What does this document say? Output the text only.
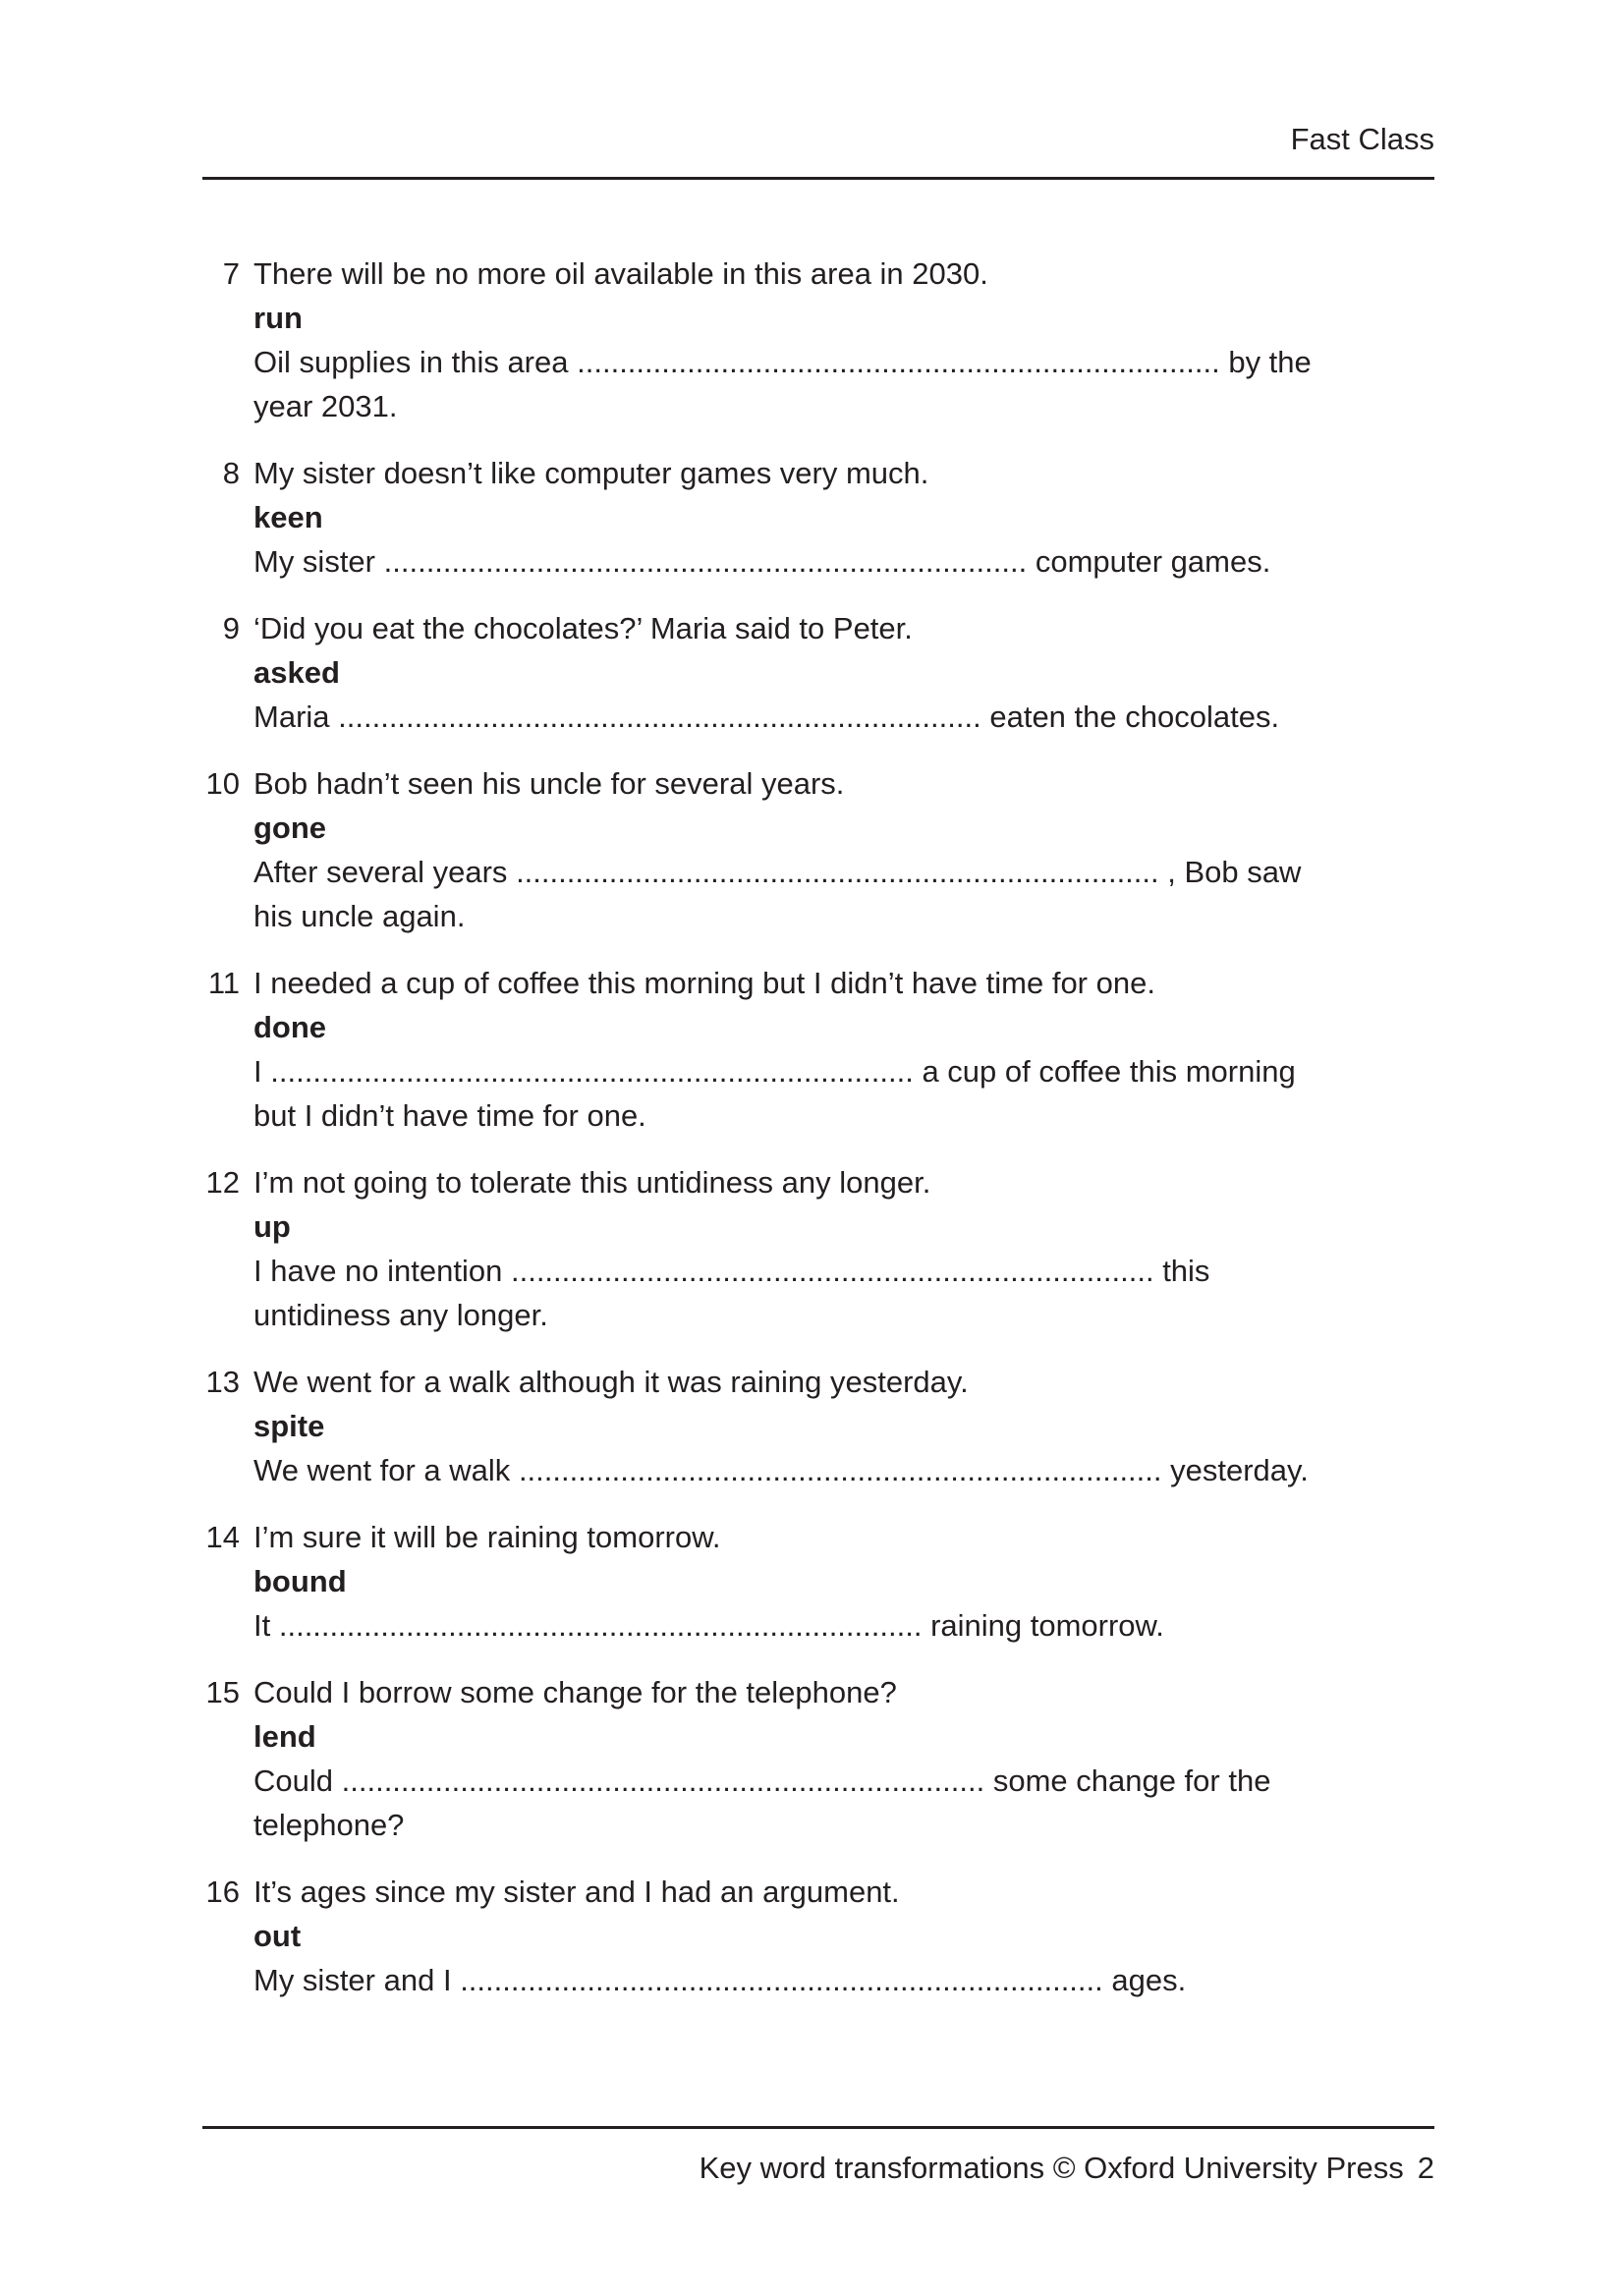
Fast Class
7 There will be no more oil available in this area in 2030.
run
Oil supplies in this area ............................................................................ by the year 2031.
8 My sister doesn’t like computer games very much.
keen
My sister ............................................................................ computer games.
9 ‘Did you eat the chocolates?’ Maria said to Peter.
asked
Maria ............................................................................ eaten the chocolates.
10 Bob hadn’t seen his uncle for several years.
gone
After several years ............................................................................ , Bob saw his uncle again.
11 I needed a cup of coffee this morning but I didn’t have time for one.
done
I ............................................................................ a cup of coffee this morning but I didn’t have time for one.
12 I’m not going to tolerate this untidiness any longer.
up
I have no intention ............................................................................ this untidiness any longer.
13 We went for a walk although it was raining yesterday.
spite
We went for a walk ............................................................................ yesterday.
14 I’m sure it will be raining tomorrow.
bound
It ............................................................................ raining tomorrow.
15 Could I borrow some change for the telephone?
lend
Could ............................................................................ some change for the telephone?
16 It’s ages since my sister and I had an argument.
out
My sister and I ............................................................................ ages.
Key word transformations © Oxford University Press 2
